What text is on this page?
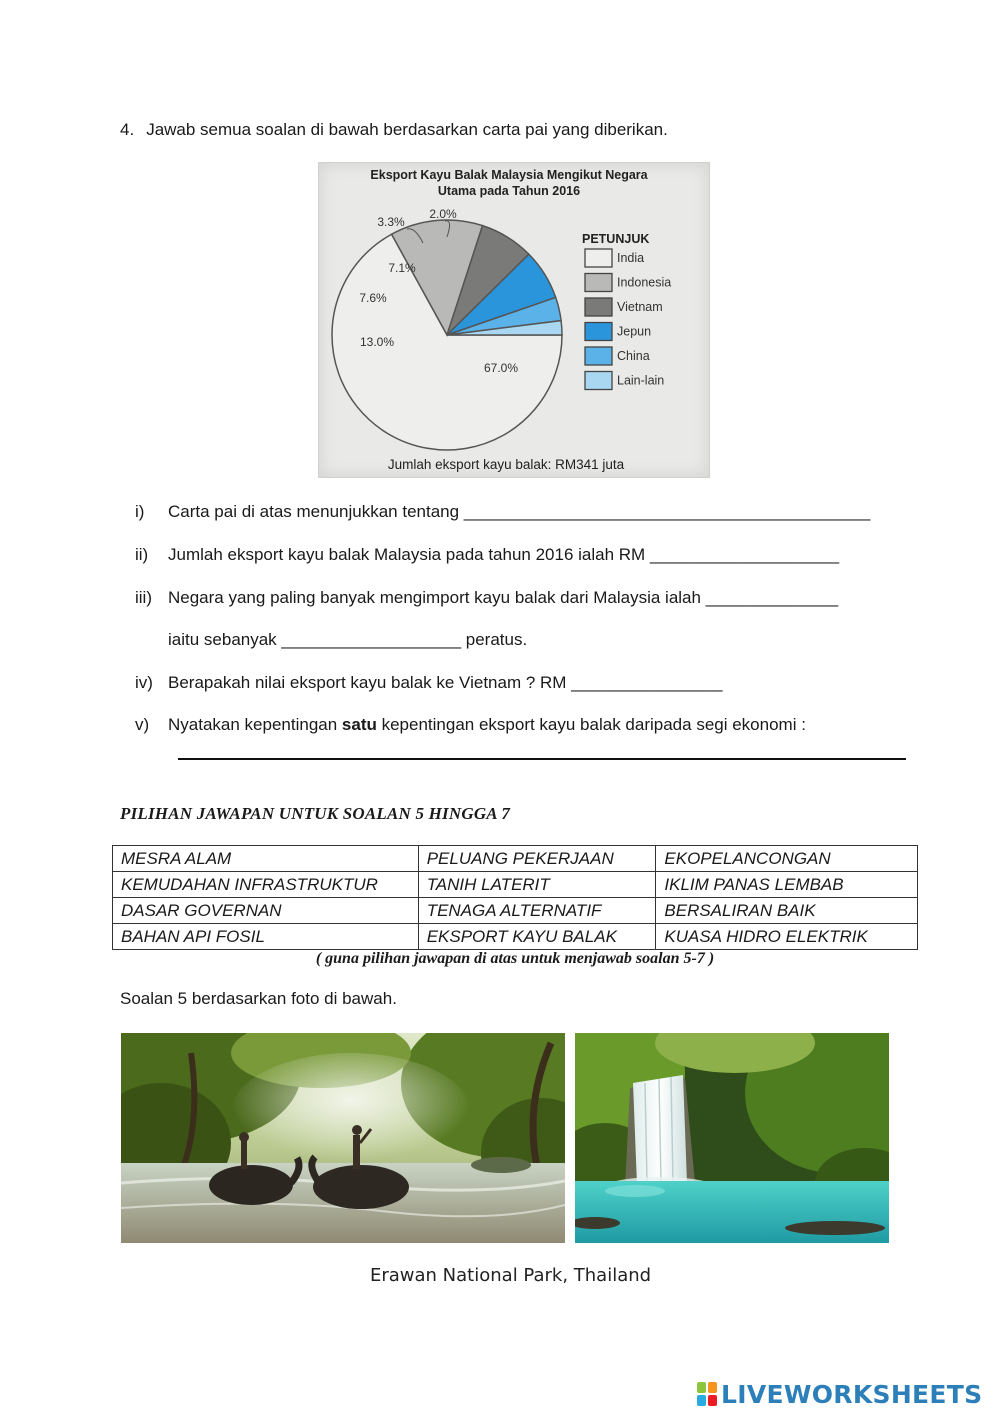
4. Jawab semua soalan di bawah berdasarkan carta pai yang diberikan.
Eksport Kayu Balak Malaysia Mengikut Negara
Utama pada Tahun 2016
67.0%
13.0%
7.6%
7.1%
3.3%
2.0%
PETUNJUK
India
Indonesia
Vietnam
Jepun
China
Lain-lain
Jumlah eksport kayu balak: RM341 juta
i) Carta pai di atas menunjukkan tentang ___________________________________________
ii) Jumlah eksport kayu balak Malaysia pada tahun 2016 ialah RM ____________________
iii) Negara yang paling banyak mengimport kayu balak dari Malaysia ialah ______________
iaitu sebanyak ___________________ peratus.
iv) Berapakah nilai eksport kayu balak ke Vietnam ? RM ________________
v) Nyatakan kepentingan satu kepentingan eksport kayu balak daripada segi ekonomi :
PILIHAN JAWAPAN UNTUK SOALAN 5 HINGGA 7
MESRA ALAM	PELUANG PEKERJAAN	EKOPELANCONGAN
KEMUDAHAN INFRASTRUKTUR	TANIH LATERIT	IKLIM PANAS LEMBAB
DASAR GOVERNAN	TENAGA ALTERNATIF	BERSALIRAN BAIK
BAHAN API FOSIL	EKSPORT KAYU BALAK	KUASA HIDRO ELEKTRIK
( guna pilihan jawapan di atas untuk menjawab soalan 5-7 )
Soalan 5 berdasarkan foto di bawah.
Erawan National Park, Thailand
LIVEWORKSHEETS
